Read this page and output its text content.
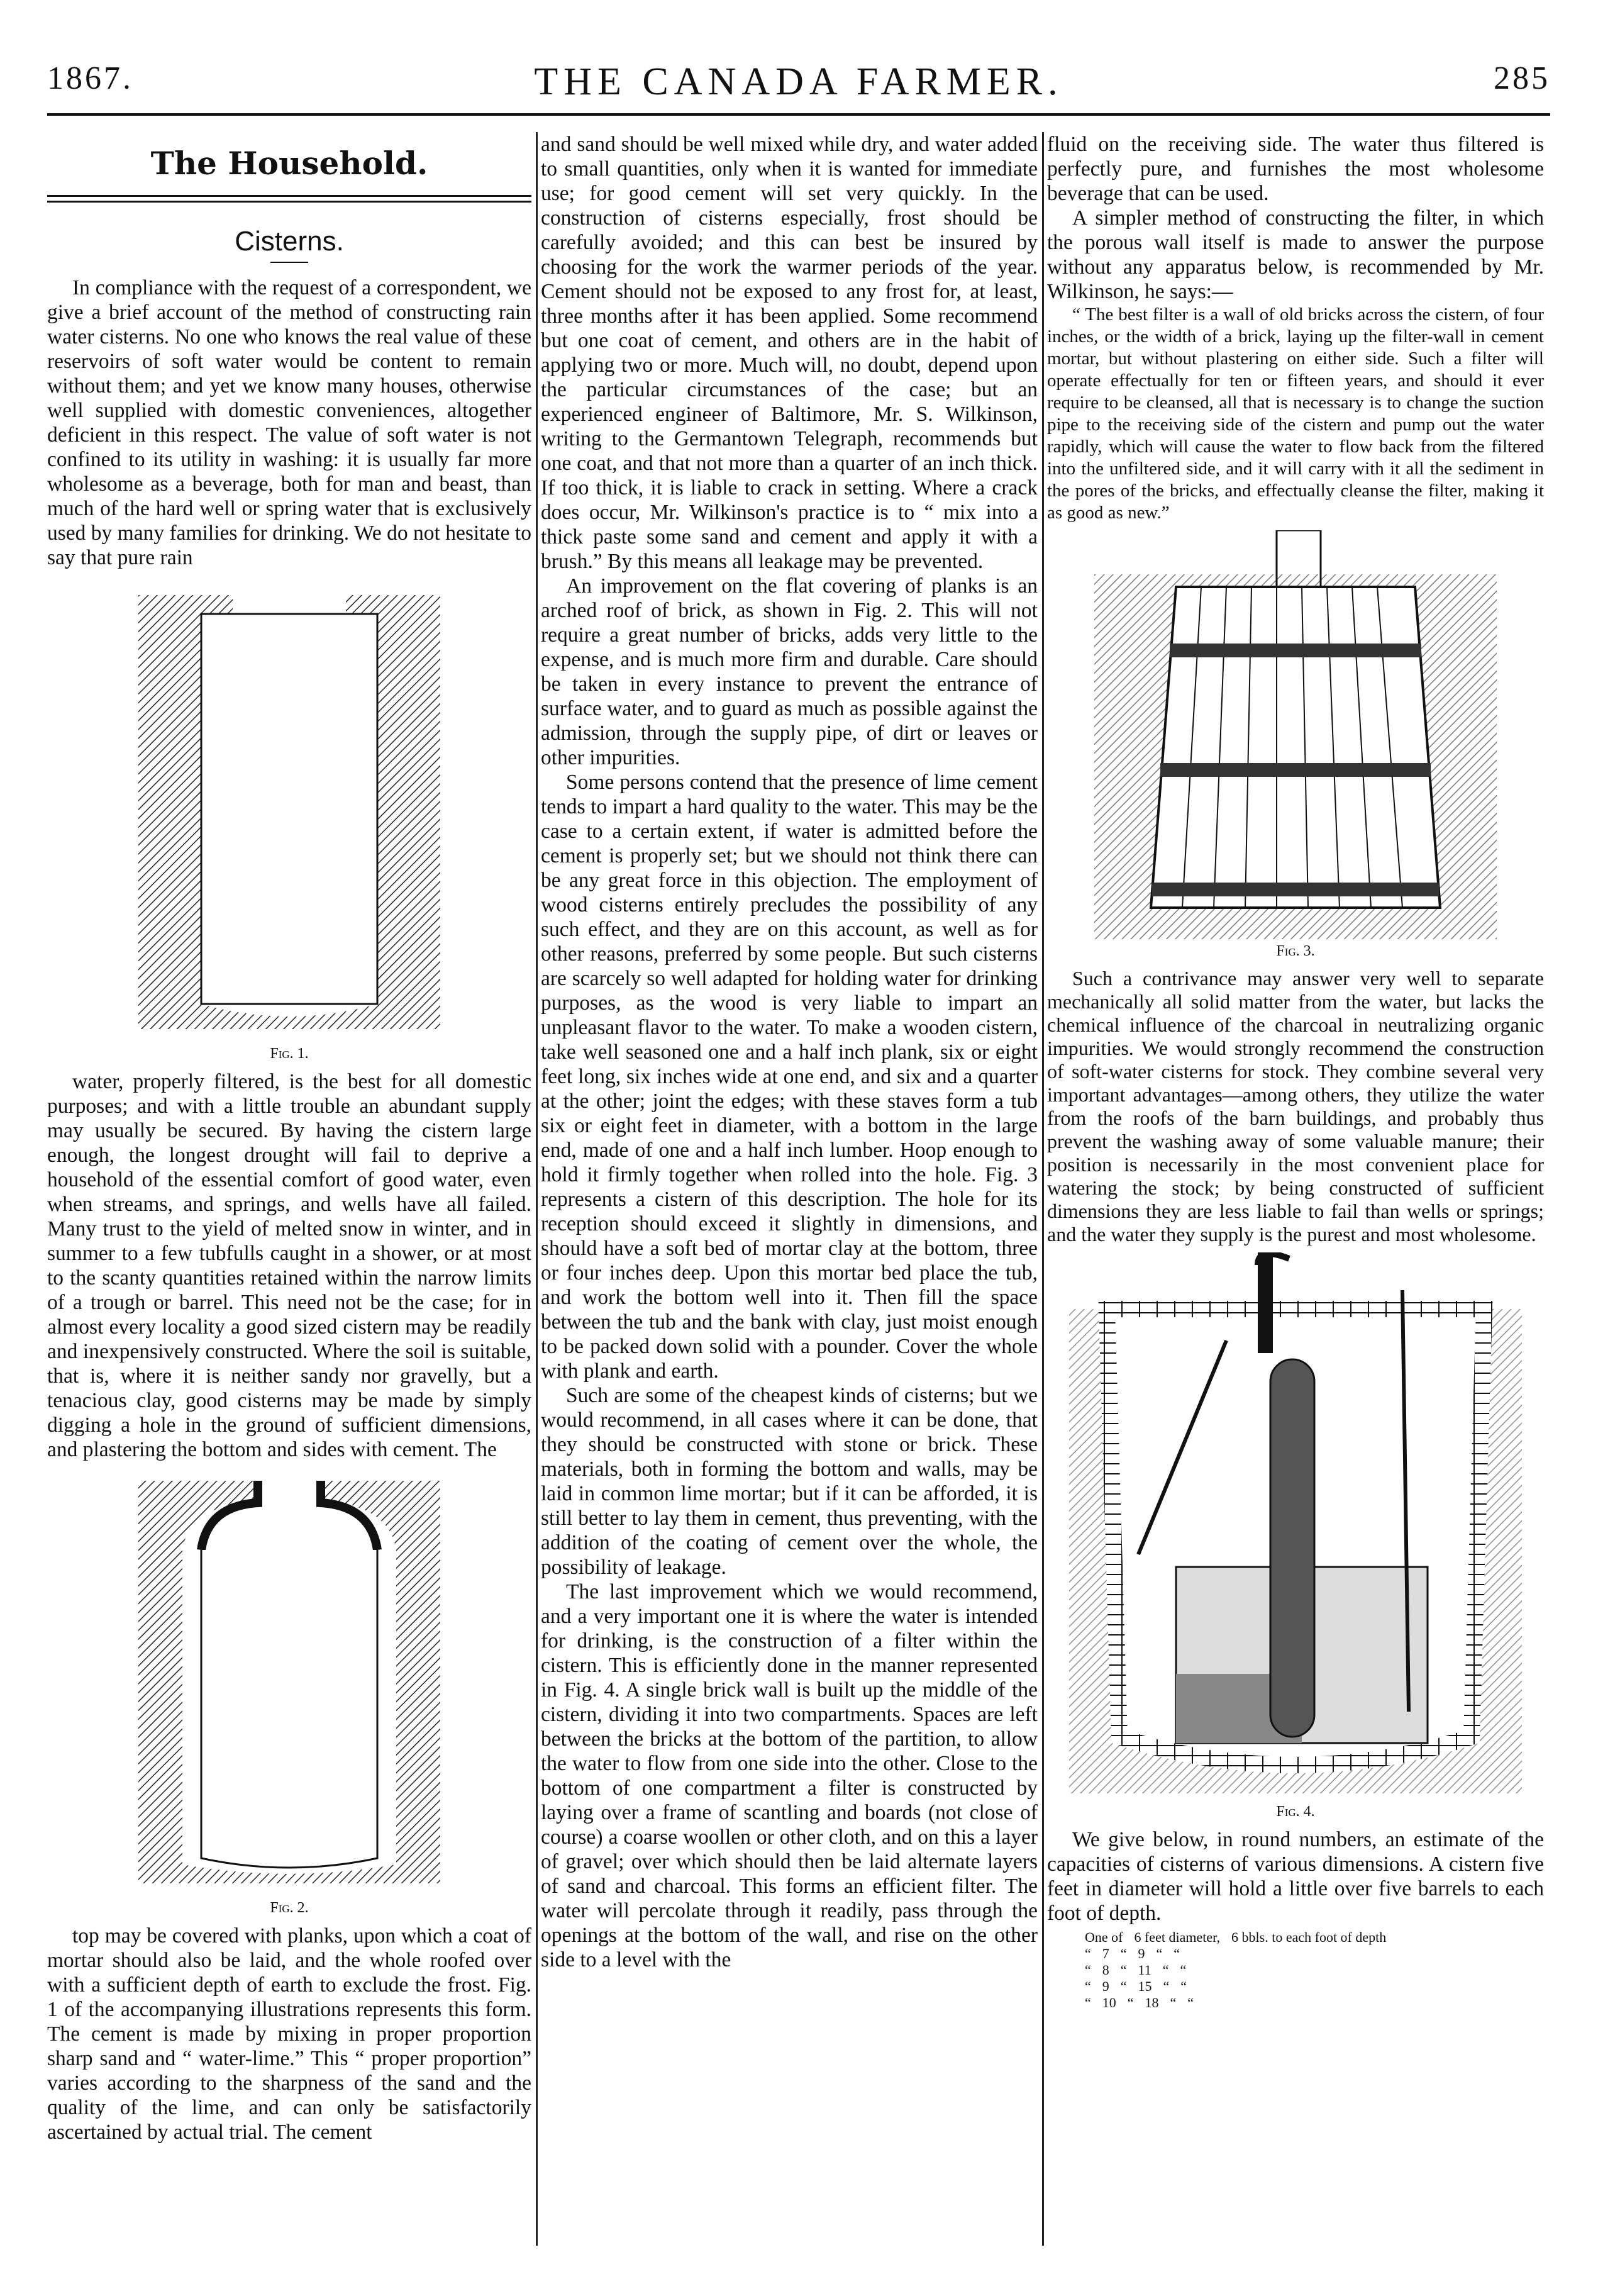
1867.	THE CANADA FARMER.	285
The Household.
Cisterns.

In compliance with the request of a correspondent, we give a brief account of the method of constructing rain water cisterns. No one who knows the real value of these reservoirs of soft water would be content to remain without them; and yet we know many houses, otherwise well supplied with domestic conveniences, altogether deficient in this respect. The value of soft water is not confined to its utility in washing: it is usually far more wholesome as a beverage, both for man and beast, than much of the hard well or spring water that is exclusively used by many families for drinking. We do not hesitate to say that pure rain

Fig. 1.

water, properly filtered, is the best for all domestic purposes; and with a little trouble an abundant supply may usually be secured. By having the cistern large enough, the longest drought will fail to deprive a household of the essential comfort of good water, even when streams, and springs, and wells have all failed. Many trust to the yield of melted snow in winter, and in summer to a few tubfulls caught in a shower, or at most to the scanty quantities retained within the narrow limits of a trough or barrel. This need not be the case; for in almost every locality a good sized cistern may be readily and inexpensively constructed. Where the soil is suitable, that is, where it is neither sandy nor gravelly, but a tenacious clay, good cisterns may be made by simply digging a hole in the ground of sufficient dimensions, and plastering the bottom and sides with cement. The

Fig. 2.

top may be covered with planks, upon which a coat of mortar should also be laid, and the whole roofed over with a sufficient depth of earth to exclude the frost. Fig. 1 of the accompanying illustrations represents this form. The cement is made by mixing in proper proportion sharp sand and “ water-lime.” This “ proper proportion” varies according to the sharpness of the sand and the quality of the lime, and can only be satisfactorily ascertained by actual trial. The cement

and sand should be well mixed while dry, and water added to small quantities, only when it is wanted for immediate use; for good cement will set very quickly. In the construction of cisterns especially, frost should be carefully avoided; and this can best be insured by choosing for the work the warmer periods of the year. Cement should not be exposed to any frost for, at least, three months after it has been applied. Some recommend but one coat of cement, and others are in the habit of applying two or more. Much will, no doubt, depend upon the particular circumstances of the case; but an experienced engineer of Baltimore, Mr. S. Wilkinson, writing to the Germantown Telegraph, recommends but one coat, and that not more than a quarter of an inch thick. If too thick, it is liable to crack in setting. Where a crack does occur, Mr. Wilkinson's practice is to “ mix into a thick paste some sand and cement and apply it with a brush.” By this means all leakage may be prevented.

An improvement on the flat covering of planks is an arched roof of brick, as shown in Fig. 2. This will not require a great number of bricks, adds very little to the expense, and is much more firm and durable. Care should be taken in every instance to prevent the entrance of surface water, and to guard as much as possible against the admission, through the supply pipe, of dirt or leaves or other impurities.

Some persons contend that the presence of lime cement tends to impart a hard quality to the water. This may be the case to a certain extent, if water is admitted before the cement is properly set; but we should not think there can be any great force in this objection. The employment of wood cisterns entirely precludes the possibility of any such effect, and they are on this account, as well as for other reasons, preferred by some people. But such cisterns are scarcely so well adapted for holding water for drinking purposes, as the wood is very liable to impart an unpleasant flavor to the water. To make a wooden cistern, take well seasoned one and a half inch plank, six or eight feet long, six inches wide at one end, and six and a quarter at the other; joint the edges; with these staves form a tub six or eight feet in diameter, with a bottom in the large end, made of one and a half inch lumber. Hoop enough to hold it firmly together when rolled into the hole. Fig. 3 represents a cistern of this description. The hole for its reception should exceed it slightly in dimensions, and should have a soft bed of mortar clay at the bottom, three or four inches deep. Upon this mortar bed place the tub, and work the bottom well into it. Then fill the space between the tub and the bank with clay, just moist enough to be packed down solid with a pounder. Cover the whole with plank and earth.

Such are some of the cheapest kinds of cisterns; but we would recommend, in all cases where it can be done, that they should be constructed with stone or brick. These materials, both in forming the bottom and walls, may be laid in common lime mortar; but if it can be afforded, it is still better to lay them in cement, thus preventing, with the addition of the coating of cement over the whole, the possibility of leakage.

The last improvement which we would recommend, and a very important one it is where the water is intended for drinking, is the construction of a filter within the cistern. This is efficiently done in the manner represented in Fig. 4. A single brick wall is built up the middle of the cistern, dividing it into two compartments. Spaces are left between the bricks at the bottom of the partition, to allow the water to flow from one side into the other. Close to the bottom of one compartment a filter is constructed by laying over a frame of scantling and boards (not close of course) a coarse woollen or other cloth, and on this a layer of gravel; over which should then be laid alternate layers of sand and charcoal. This forms an efficient filter. The water will percolate through it readily, pass through the openings at the bottom of the wall, and rise on the other side to a level with the

fluid on the receiving side. The water thus filtered is perfectly pure, and furnishes the most wholesome beverage that can be used.

A simpler method of constructing the filter, in which the porous wall itself is made to answer the purpose without any apparatus below, is recommended by Mr. Wilkinson, he says:—

“ The best filter is a wall of old bricks across the cistern, of four inches, or the width of a brick, laying up the filter-wall in cement mortar, but without plastering on either side. Such a filter will operate effectually for ten or fifteen years, and should it ever require to be cleansed, all that is necessary is to change the suction pipe to the receiving side of the cistern and pump out the water rapidly, which will cause the water to flow back from the filtered into the unfiltered side, and it will carry with it all the sediment in the pores of the bricks, and effectually cleanse the filter, making it as good as new.”

Fig. 3.

Such a contrivance may answer very well to separate mechanically all solid matter from the water, but lacks the chemical influence of the charcoal in neutralizing organic impurities. We would strongly recommend the construction of soft-water cisterns for stock. They combine several very important advantages—among others, they utilize the water from the roofs of the barn buildings, and probably thus prevent the washing away of some valuable manure; their position is necessarily in the most convenient place for watering the stock; by being constructed of sufficient dimensions they are less liable to fail than wells or springs; and the water they supply is the purest and most wholesome.

Fig. 4.

We give below, in round numbers, an estimate of the capacities of cisterns of various dimensions. A cistern five feet in diameter will hold a little over five barrels to each foot of depth.

One of 6 feet diameter, 6 bbls. to each foot of depth
“ 7 “ 9 “ “
“ 8 “ 11 “ “
“ 9 “ 15 “ “
“ 10 “ 18 “ “
